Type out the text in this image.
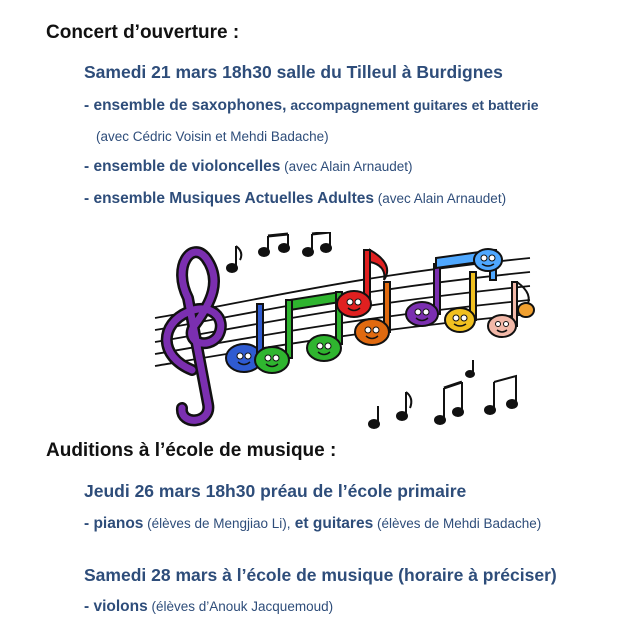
Concert d’ouverture :
Samedi 21 mars 18h30 salle du Tilleul à Burdignes
- ensemble de saxophones, accompagnement guitares et batterie
(avec Cédric Voisin et Mehdi Badache)
- ensemble de violoncelles (avec Alain Arnaudet)
- ensemble Musiques Actuelles Adultes (avec Alain Arnaudet)
Auditions à l’école de musique :
Jeudi 26 mars 18h30 préau de l’école primaire
- pianos (élèves de Mengjiao Li), et guitares (élèves de Mehdi Badache)
Samedi 28 mars à l’école de musique (horaire à préciser)
- violons (élèves d’Anouk Jacquemoud)
